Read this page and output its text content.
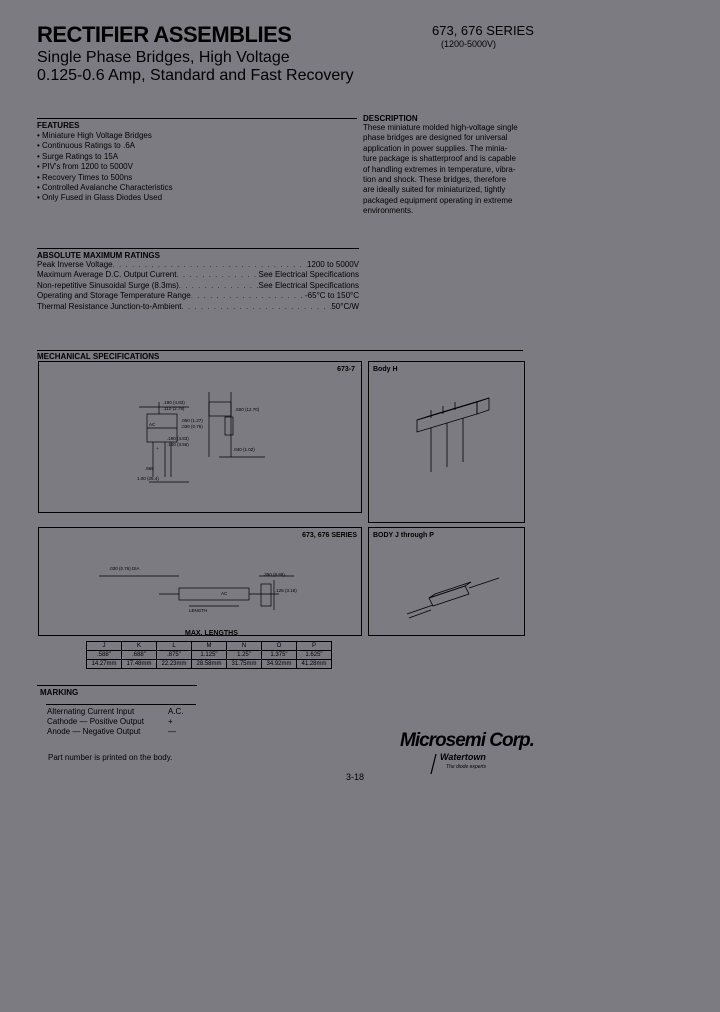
RECTIFIER ASSEMBLIES
Single Phase Bridges, High Voltage
0.125-0.6 Amp, Standard and Fast Recovery
673, 676 SERIES
(1200-5000V)
FEATURES
• Miniature High Voltage Bridges
• Continuous Ratings to .6A
• Surge Ratings to 15A
• PIV's from 1200 to 5000V
• Recovery Times to 500ns
• Controlled Avalanche Characteristics
• Only Fused in Glass Diodes Used
DESCRIPTION

These miniature molded high-voltage single

phase bridges are designed for universal

application in power supplies. The minia-

ture package is shatterproof and is capable

of handling extremes in temperature, vibra-

tion and shock. These bridges, therefore

are ideally suited for miniaturized, tightly

packaged equipment operating in extreme

environments.

ABSOLUTE MAXIMUM RATINGS
Peak Inverse Voltage . . .	1200 to 5000V
Maximum Average D.C. Output Current . . .	See Electrical Specifications
Non-repetitive Sinusoidal Surge (8.3ms) . . .	See Electrical Specifications
Operating and Storage Temperature Range . . .	-65°C to 150°C
Thermal Resistance Junction-to-Ambient . . .	50°C/W
MECHANICAL SPECIFICATIONS
673-7
.190 (4.83)
.110 (2.79)
AC
.050 (1.27)
.030 (0.76)
.500 (12.70)
.190 (4.83)
.140 (3.56)
+	.040 (1.02)
.565
1.00 (25.4)
Body H
673, 676 SERIES
.030 (0.76) DIA
LENGTH
AC
.125 (3.18)
.350 (8.89)
BODY J through P
MAX. LENGTHS
J	K	L	M	N	O	P
.588"	.688"	.875"	1.125"	1.25"	1.375"	1.625"
14.27mm	17.48mm	22.23mm	28.58mm	31.75mm	34.92mm	41.28mm
MARKING
Alternating Current Input	A.C.
Cathode — Positive Output	+
Anode — Negative Output	—
Part number is printed on the body.
Microsemi Corp.
Watertown
The diode experts
3-18
